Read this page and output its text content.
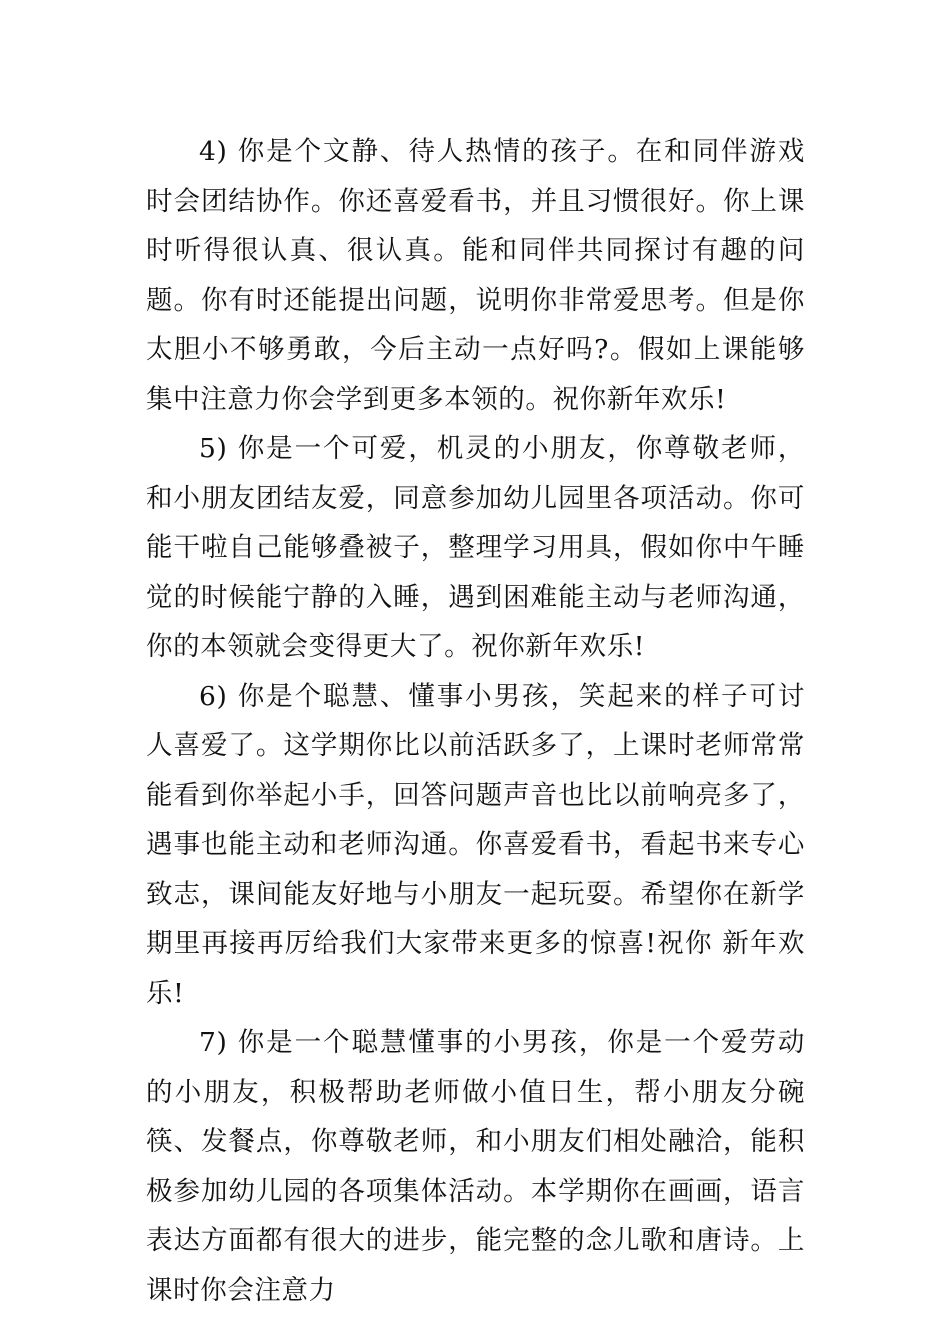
4) 你是个文静、待人热情的孩子。在和同伴游戏时会团结协作。你还喜爱看书，并且习惯很好。你上课时听得很认真、很认真。能和同伴共同探讨有趣的问题。你有时还能提出问题，说明你非常爱思考。但是你太胆小不够勇敢，今后主动一点好吗?。假如上课能够集中注意力你会学到更多本领的。祝你新年欢乐!

5) 你是一个可爱，机灵的小朋友，你尊敬老师，和小朋友团结友爱，同意参加幼儿园里各项活动。你可能干啦自己能够叠被子，整理学习用具，假如你中午睡觉的时候能宁静的入睡，遇到困难能主动与老师沟通，你的本领就会变得更大了。祝你新年欢乐!

6) 你是个聪慧、懂事小男孩，笑起来的样子可讨人喜爱了。这学期你比以前活跃多了，上课时老师常常能看到你举起小手，回答问题声音也比以前响亮多了，遇事也能主动和老师沟通。你喜爱看书，看起书来专心致志，课间能友好地与小朋友一起玩耍。希望你在新学期里再接再厉给我们大家带来更多的惊喜!祝你 新年欢乐!

7) 你是一个聪慧懂事的小男孩，你是一个爱劳动的小朋友，积极帮助老师做小值日生，帮小朋友分碗筷、发餐点，你尊敬老师，和小朋友们相处融洽，能积极参加幼儿园的各项集体活动。本学期你在画画，语言表达方面都有很大的进步，能完整的念儿歌和唐诗。上课时你会注意力
